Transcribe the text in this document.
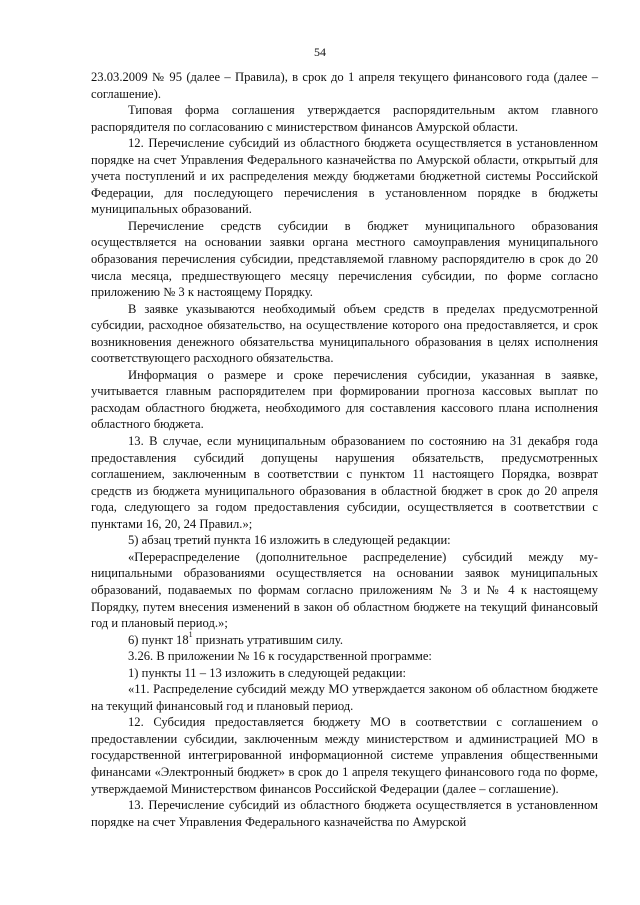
54

23.03.2009 № 95 (далее – Правила), в срок до 1 апреля текущего финансового года (далее – соглашение).

Типовая форма соглашения утверждается распорядительным актом главного распорядителя по согласованию с министерством финансов Амурской области.

12. Перечисление субсидий из областного бюджета осуществляется в установленном порядке на счет Управления Федерального казначейства по Амурской области, открытый для учета поступлений и их распределения между бюджетами бюджетной системы Российской Федерации, для последующего перечисления в установленном порядке в бюджеты муниципальных образований.

Перечисление средств субсидии в бюджет муниципального образования осуществляется на основании заявки органа местного самоуправления муниципального образования перечисления субсидии, представляемой главному распорядителю в срок до 20 числа месяца, предшествующего месяцу перечисления субсидии, по форме согласно приложению № 3 к настоящему Порядку.

В заявке указываются необходимый объем средств в пределах предусмотренной субсидии, расходное обязательство, на осуществление которого она предоставляется, и срок возникновения денежного обязательства муниципального образования в целях исполнения соответствующего расходного обязательства.

Информация о размере и сроке перечисления субсидии, указанная в заявке, учитывается главным распорядителем при формировании прогноза кассовых выплат по расходам областного бюджета, необходимого для составления кассового плана исполнения областного бюджета.

13. В случае, если муниципальным образованием по состоянию на 31 декабря года предоставления субсидий допущены нарушения обязательств, предусмотренных соглашением, заключенным в соответствии с пунктом 11 настоящего Порядка, возврат средств из бюджета муниципального образования в областной бюджет в срок до 20 апреля года, следующего за годом предоставления субсидии, осуществляется в соответствии с пунктами 16, 20, 24 Правил.»;

5) абзац третий пункта 16 изложить в следующей редакции:

«Перераспределение (дополнительное распределение) субсидий между муниципальными образованиями осуществляется на основании заявок муниципальных образований, подаваемых по формам согласно приложениям № 3 и № 4 к настоящему Порядку, путем внесения изменений в закон об областном бюджете на текущий финансовый год и плановый период.»;

6) пункт $18^1$ признать утратившим силу.

3.26. В приложении № 16 к государственной программе:

1) пункты 11 – 13 изложить в следующей редакции:

«11. Распределение субсидий между МО утверждается законом об областном бюджете на текущий финансовый год и плановый период.

12. Субсидия предоставляется бюджету МО в соответствии с соглашением о предоставлении субсидии, заключенным между министерством и администрацией МО в государственной интегрированной информационной системе управления общественными финансами «Электронный бюджет» в срок до 1 апреля текущего финансового года по форме, утверждаемой Министерством финансов Российской Федерации (далее – соглашение).

13. Перечисление субсидий из областного бюджета осуществляется в установленном порядке на счет Управления Федерального казначейства по Амурской
